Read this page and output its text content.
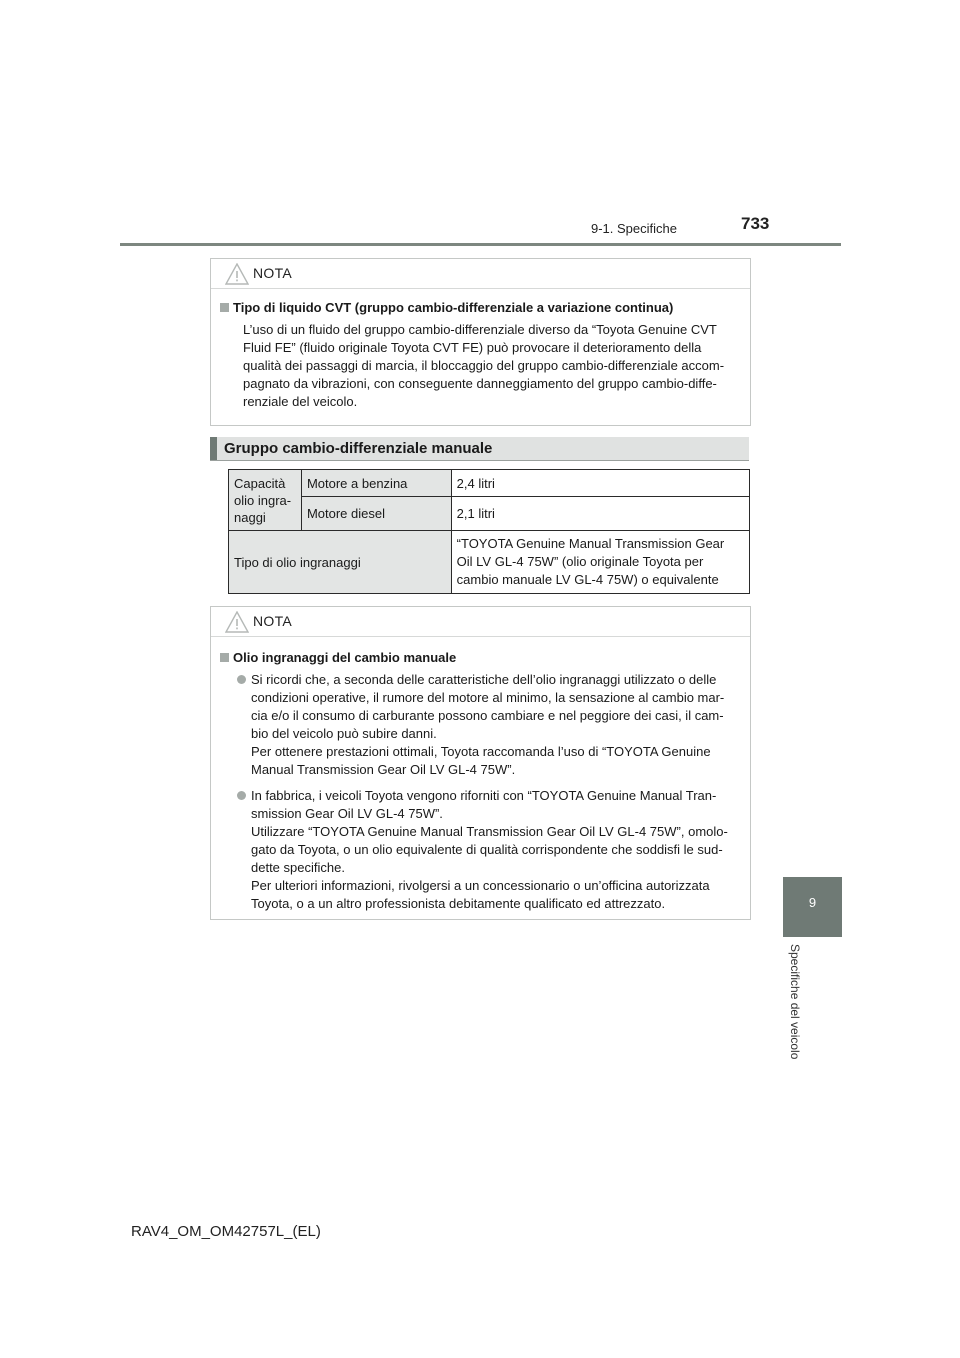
9-1. Specifiche	733
9
Specifiche del veicolo
NOTA
Tipo di liquido CVT (gruppo cambio-differenziale a variazione continua)
L’uso di un fluido del gruppo cambio-differenziale diverso da “Toyota Genuine CVT
Fluid FE” (fluido originale Toyota CVT FE) può provocare il deterioramento della
qualità dei passaggi di marcia, il bloccaggio del gruppo cambio-differenziale accom-
pagnato da vibrazioni, con conseguente danneggiamento del gruppo cambio-diffe-
renziale del veicolo.
Gruppo cambio-differenziale manuale
Capacità
olio ingra-
naggi	Motore a benzina	2,4 litri
	Motore diesel	2,1 litri
Tipo di olio ingranaggi		“TOYOTA Genuine Manual Transmission Gear
Oil LV GL-4 75W” (olio originale Toyota per
cambio manuale LV GL-4 75W) o equivalente
NOTA
Olio ingranaggi del cambio manuale
Si ricordi che, a seconda delle caratteristiche dell’olio ingranaggi utilizzato o delle
condizioni operative, il rumore del motore al minimo, la sensazione al cambio mar-
cia e/o il consumo di carburante possono cambiare e nel peggiore dei casi, il cam-
bio del veicolo può subire danni.
Per ottenere prestazioni ottimali, Toyota raccomanda l’uso di “TOYOTA Genuine
Manual Transmission Gear Oil LV GL-4 75W”.
In fabbrica, i veicoli Toyota vengono riforniti con “TOYOTA Genuine Manual Tran-
smission Gear Oil LV GL-4 75W”.
Utilizzare “TOYOTA Genuine Manual Transmission Gear Oil LV GL-4 75W”, omolo-
gato da Toyota, o un olio equivalente di qualità corrispondente che soddisfi le sud-
dette specifiche.
Per ulteriori informazioni, rivolgersi a un concessionario o un’officina autorizzata
Toyota, o a un altro professionista debitamente qualificato ed attrezzato.
RAV4_OM_OM42757L_(EL)
